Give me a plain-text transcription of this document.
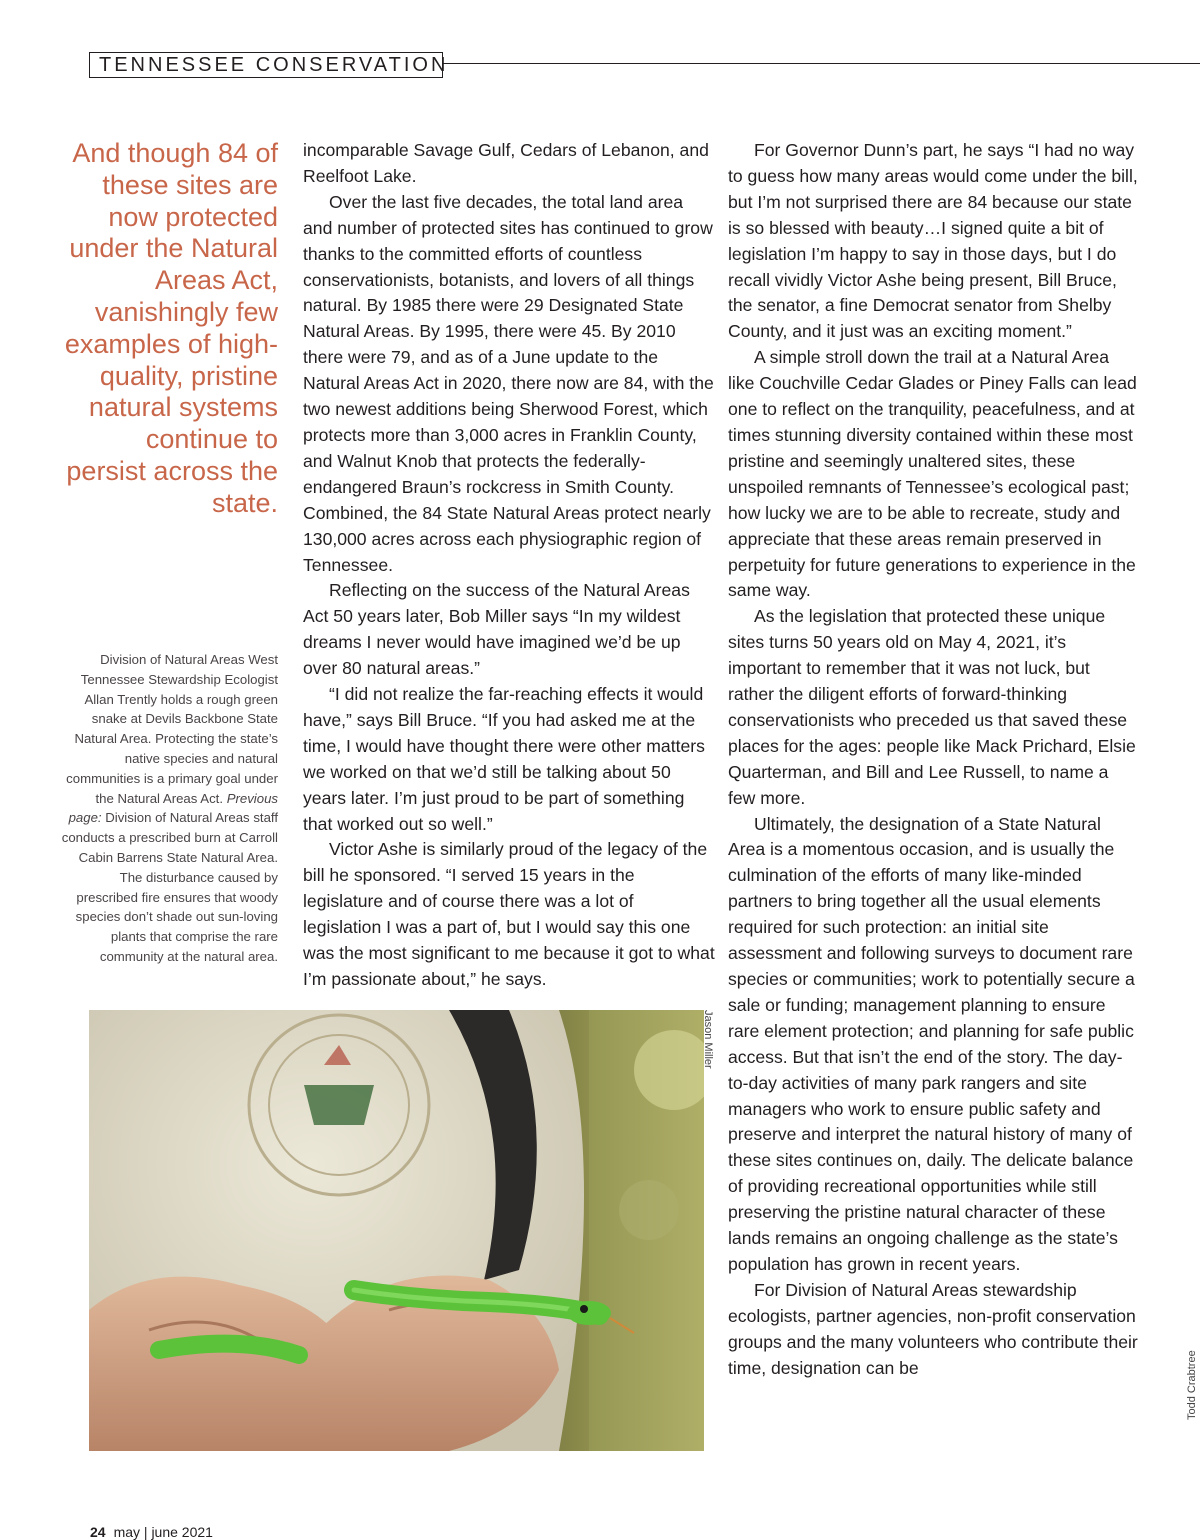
TENNESSEE CONSERVATION
And though 84 of these sites are now protected under the Natural Areas Act, vanishingly few examples of high-quality, pristine natural systems continue to persist across the state.
Division of Natural Areas West Tennessee Stewardship Ecologist Allan Trently holds a rough green snake at Devils Backbone State Natural Area. Protecting the state’s native species and natural communities is a primary goal under the Natural Areas Act. Previous page: Division of Natural Areas staff conducts a prescribed burn at Carroll Cabin Barrens State Natural Area. The disturbance caused by prescribed fire ensures that woody species don’t shade out sun-loving plants that comprise the rare community at the natural area.

incomparable Savage Gulf, Cedars of Lebanon, and Reelfoot Lake.

Over the last five decades, the total land area and number of protected sites has continued to grow thanks to the committed efforts of countless conservationists, botanists, and lovers of all things natural. By 1985 there were 29 Designated State Natural Areas. By 1995, there were 45. By 2010 there were 79, and as of a June update to the Natural Areas Act in 2020, there now are 84, with the two newest additions being Sherwood Forest, which protects more than 3,000 acres in Franklin County, and Walnut Knob that protects the federally-endangered Braun’s rockcress in Smith County. Combined, the 84 State Natural Areas protect nearly 130,000 acres across each physiographic region of Tennessee.

Reflecting on the success of the Natural Areas Act 50 years later, Bob Miller says “In my wildest dreams I never would have imagined we’d be up over 80 natural areas.”

“I did not realize the far-reaching effects it would have,” says Bill Bruce. “If you had asked me at the time, I would have thought there were other matters we worked on that we’d still be talking about 50 years later. I’m just proud to be part of something that worked out so well.”

Victor Ashe is similarly proud of the legacy of the bill he sponsored. “I served 15 years in the legislature and of course there was a lot of legislation I was a part of, but I would say this one was the most significant to me because it got to what I’m passionate about,” he says.

For Governor Dunn’s part, he says “I had no way to guess how many areas would come under the bill, but I’m not surprised there are 84 because our state is so blessed with beauty…I signed quite a bit of legislation I’m happy to say in those days, but I do recall vividly Victor Ashe being present, Bill Bruce, the senator, a fine Democrat senator from Shelby County, and it just was an exciting moment.”

A simple stroll down the trail at a Natural Area like Couchville Cedar Glades or Piney Falls can lead one to reflect on the tranquility, peacefulness, and at times stunning diversity contained within these most pristine and seemingly unaltered sites, these unspoiled remnants of Tennessee’s ecological past; how lucky we are to be able to recreate, study and appreciate that these areas remain preserved in perpetuity for future generations to experience in the same way.

As the legislation that protected these unique sites turns 50 years old on May 4, 2021, it’s important to remember that it was not luck, but rather the diligent efforts of forward-thinking conservationists who preceded us that saved these places for the ages: people like Mack Prichard, Elsie Quarterman, and Bill and Lee Russell, to name a few more.

Ultimately, the designation of a State Natural Area is a momentous occasion, and is usually the culmination of the efforts of many like-minded partners to bring together all the usual elements required for such protection: an initial site assessment and following surveys to document rare species or communities; work to potentially secure a sale or funding; management planning to ensure rare element protection; and planning for safe public access. But that isn’t the end of the story. The day-to-day activities of many park rangers and site managers who work to ensure public safety and preserve and interpret the natural history of many of these sites continues on, daily. The delicate balance of providing recreational opportunities while still preserving the pristine natural character of these lands remains an ongoing challenge as the state’s population has grown in recent years.

For Division of Natural Areas stewardship ecologists, partner agencies, non-profit conservation groups and the many volunteers who contribute their time, designation can be

Jason Miller
Todd Crabtree
24 may | june 2021
